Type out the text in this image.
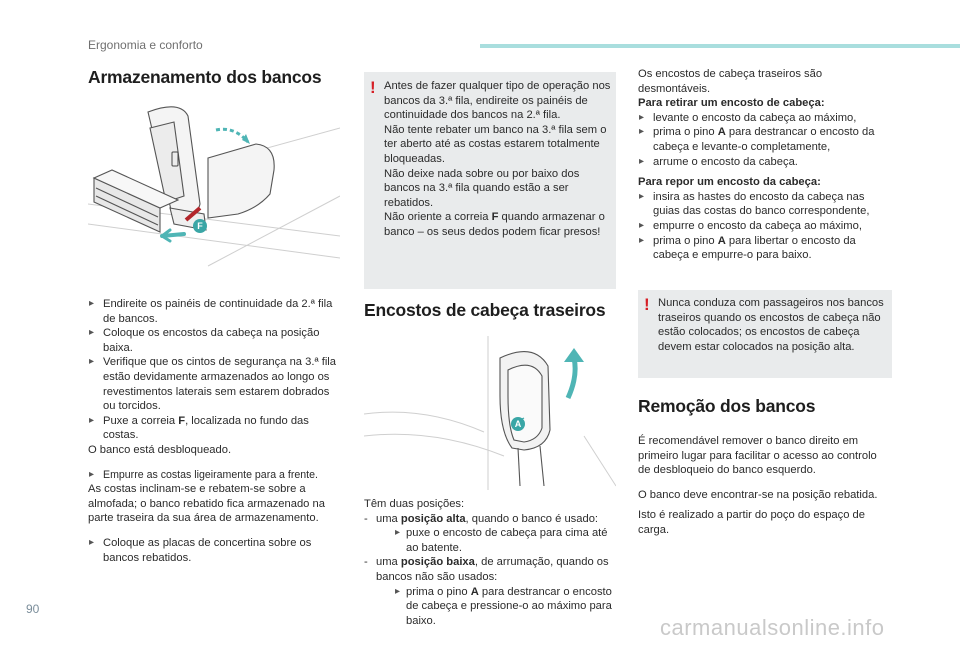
Ergonomia e conforto
Armazenamento dos bancos
F
▸ Endireite os painéis de continuidade da 2.ª fila de bancos.
▸ Coloque os encostos da cabeça na posição baixa.
▸ Verifique que os cintos de segurança na 3.ª fila estão devidamente armazenados ao longo os revestimentos laterais sem estarem dobrados ou torcidos.
▸ Puxe a correia F, localizada no fundo das costas.
O banco está desbloqueado.
▸ Empurre as costas ligeiramente para a frente.
As costas inclinam-se e rebatem-se sobre a almofada; o banco rebatido fica armazenado na parte traseira da sua área de armazenamento.
▸ Coloque as placas de concertina sobre os bancos rebatidos.
! Antes de fazer qualquer tipo de operação nos bancos da 3.ª fila, endireite os painéis de continuidade dos bancos na 2.ª fila.
Não tente rebater um banco na 3.ª fila sem o ter aberto até as costas estarem totalmente bloqueadas.
Não deixe nada sobre ou por baixo dos bancos na 3.ª fila quando estão a ser rebatidos.
Não oriente a correia F quando armazenar o banco – os seus dedos podem ficar presos!
Encostos de cabeça traseiros
A
Têm duas posições:
- uma posição alta, quando o banco é usado:
▸ puxe o encosto de cabeça para cima até ao batente.
- uma posição baixa, de arrumação, quando os bancos não são usados:
▸ prima o pino A para destrancar o encosto de cabeça e pressione-o ao máximo para baixo.
Os encostos de cabeça traseiros são desmontáveis.
Para retirar um encosto de cabeça:
▸ levante o encosto da cabeça ao máximo,
▸ prima o pino A para destrancar o encosto da cabeça e levante-o completamente,
▸ arrume o encosto da cabeça.
Para repor um encosto da cabeça:
▸ insira as hastes do encosto da cabeça nas guias das costas do banco correspondente,
▸ empurre o encosto da cabeça ao máximo,
▸ prima o pino A para libertar o encosto da cabeça e empurre-o para baixo.
! Nunca conduza com passageiros nos bancos traseiros quando os encostos de cabeça não estão colocados; os encostos de cabeça devem estar colocados na posição alta.
Remoção dos bancos
É recomendável remover o banco direito em primeiro lugar para facilitar o acesso ao controlo de desbloqueio do banco esquerdo.
O banco deve encontrar-se na posição rebatida.
Isto é realizado a partir do poço do espaço de carga.
90
carmanualsonline.info
